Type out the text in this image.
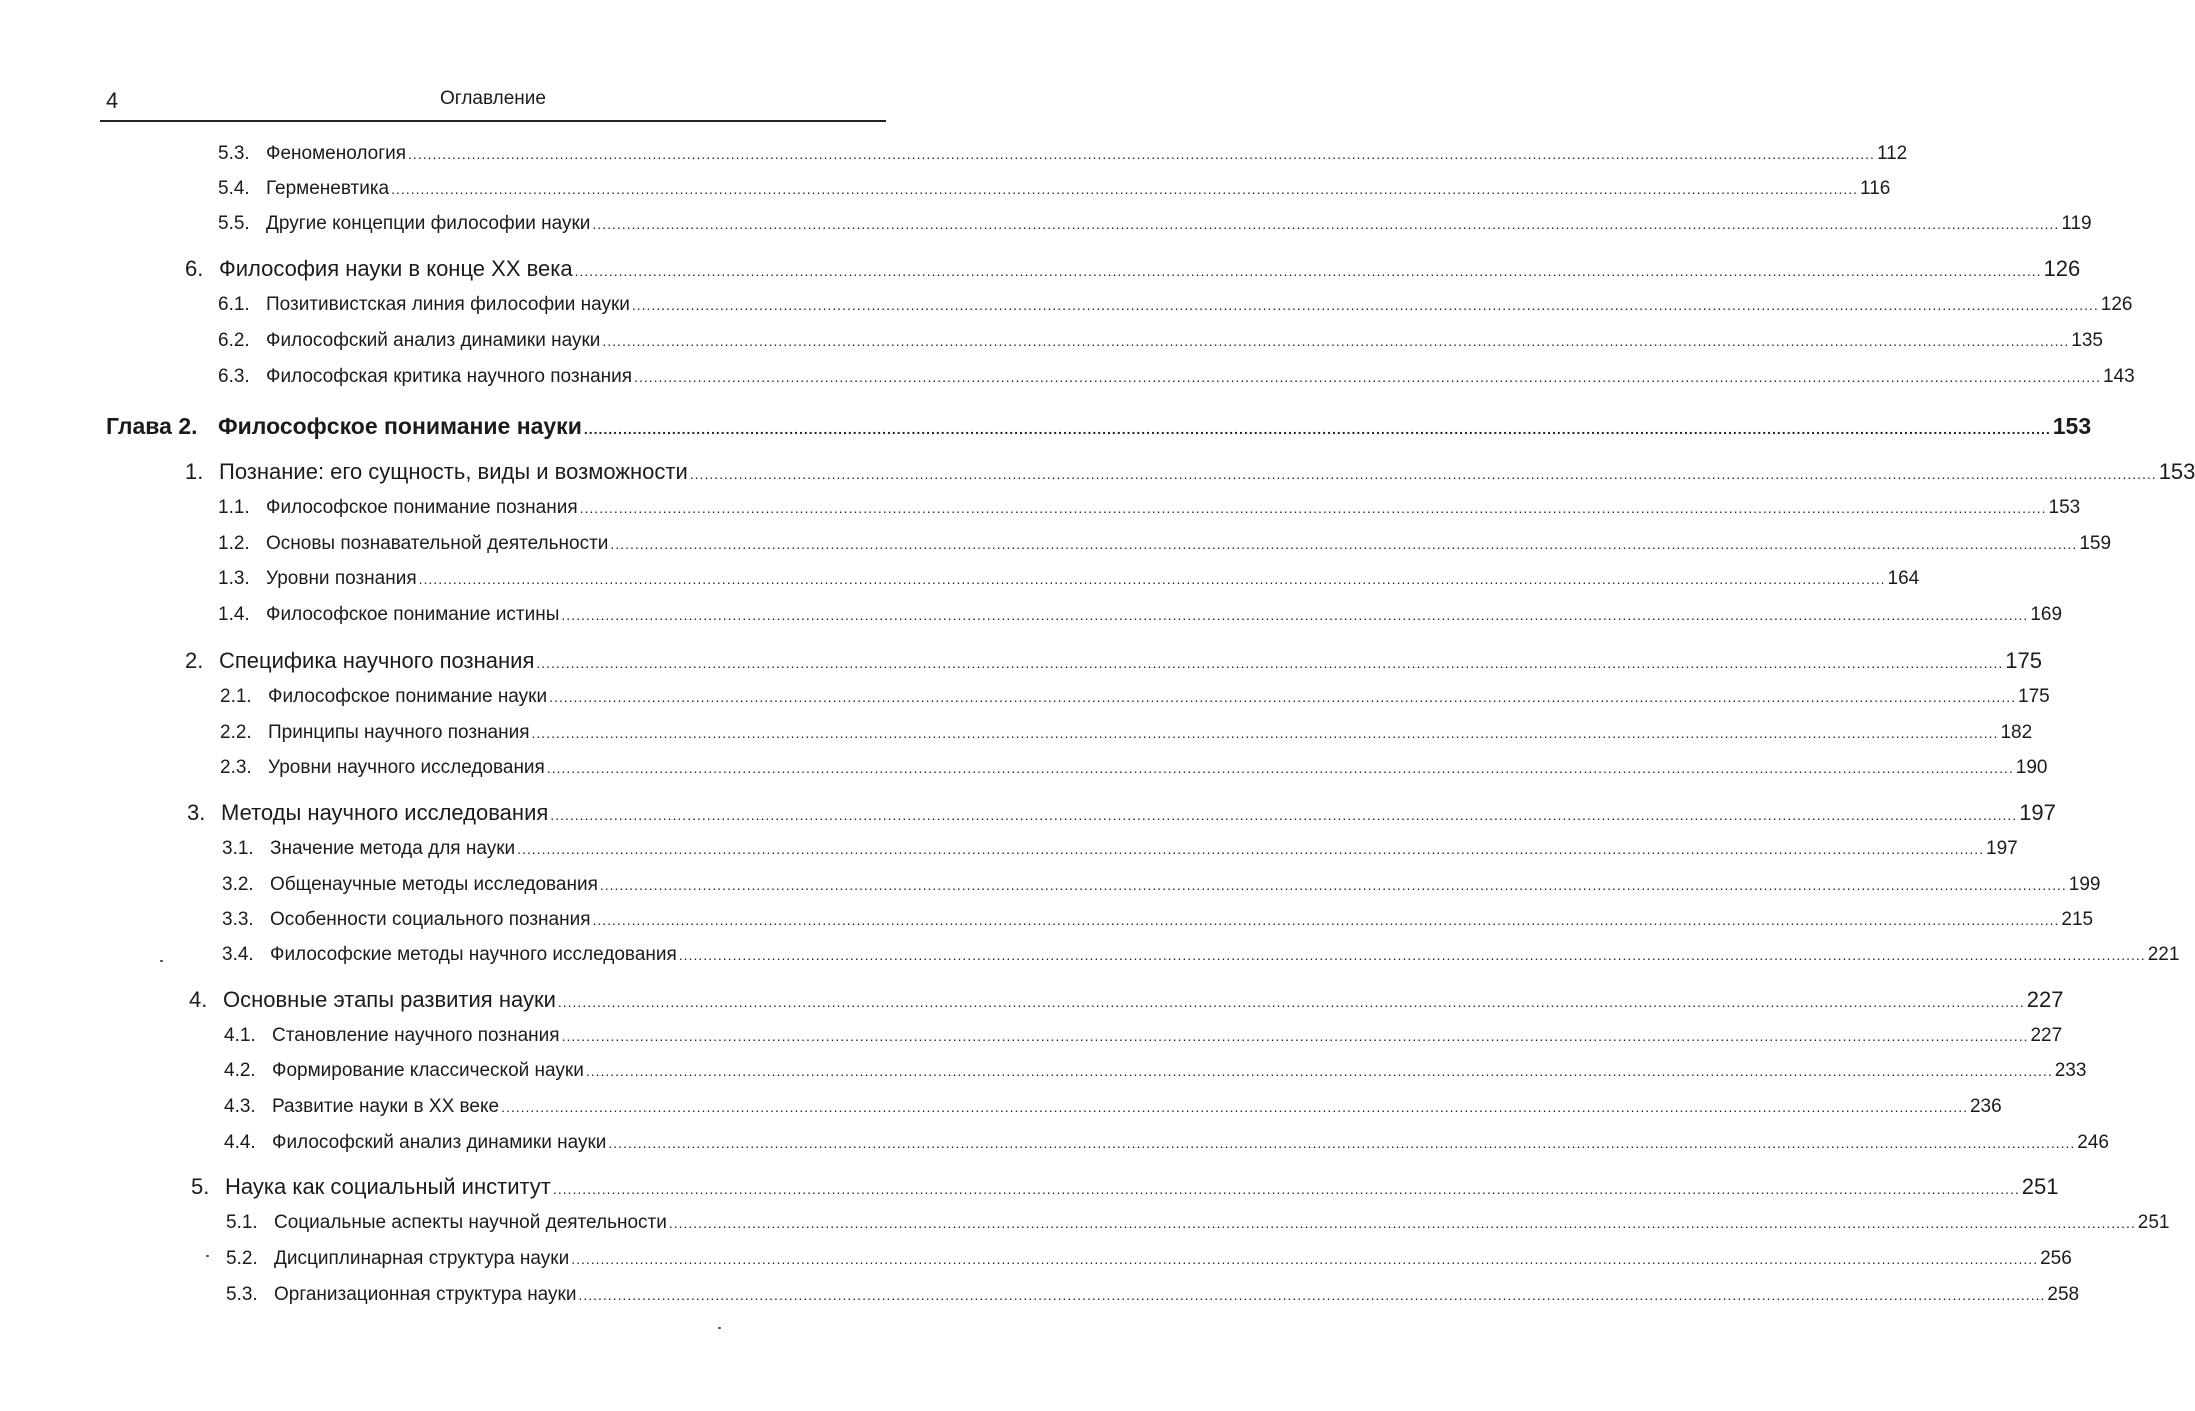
4	Оглавление
5.3. Феноменология ............................................................................................................................................................................................................................................................................................................ 112
5.4. Герменевтика ............................................................................................................................................................................................................................................................................................................ 116
5.5. Другие концепции философии науки ............................................................................................................................................................................................................................................................................................................ 119
6. Философия науки в конце XX века ............................................................................................................................................................................................................................................................................................................ 126
6.1. Позитивистская линия философии науки ............................................................................................................................................................................................................................................................................................................ 126
6.2. Философский анализ динамики науки ............................................................................................................................................................................................................................................................................................................ 135
6.3. Философская критика научного познания ............................................................................................................................................................................................................................................................................................................ 143
Глава 2. Философское понимание науки ............................................................................................................................................................................................................................................................................................................ 153
1. Познание: его сущность, виды и возможности ............................................................................................................................................................................................................................................................................................................ 153
1.1. Философское понимание познания ............................................................................................................................................................................................................................................................................................................ 153
1.2. Основы познавательной деятельности ............................................................................................................................................................................................................................................................................................................ 159
1.3. Уровни познания ............................................................................................................................................................................................................................................................................................................ 164
1.4. Философское понимание истины ............................................................................................................................................................................................................................................................................................................ 169
2. Специфика научного познания ............................................................................................................................................................................................................................................................................................................ 175
2.1. Философское понимание науки ............................................................................................................................................................................................................................................................................................................ 175
2.2. Принципы научного познания ............................................................................................................................................................................................................................................................................................................ 182
2.3. Уровни научного исследования ............................................................................................................................................................................................................................................................................................................ 190
3. Методы научного исследования ............................................................................................................................................................................................................................................................................................................ 197
3.1. Значение метода для науки ............................................................................................................................................................................................................................................................................................................ 197
3.2. Общенаучные методы исследования ............................................................................................................................................................................................................................................................................................................ 199
3.3. Особенности социального познания ............................................................................................................................................................................................................................................................................................................ 215
3.4. Философские методы научного исследования ............................................................................................................................................................................................................................................................................................................ 221
4. Основные этапы развития науки ............................................................................................................................................................................................................................................................................................................ 227
4.1. Становление научного познания ............................................................................................................................................................................................................................................................................................................ 227
4.2. Формирование классической науки ............................................................................................................................................................................................................................................................................................................ 233
4.3. Развитие науки в XX веке ............................................................................................................................................................................................................................................................................................................ 236
4.4. Философский анализ динамики науки ............................................................................................................................................................................................................................................................................................................ 246
5. Наука как социальный институт ............................................................................................................................................................................................................................................................................................................ 251
5.1. Социальные аспекты научной деятельности ............................................................................................................................................................................................................................................................................................................ 251
5.2. Дисциплинарная структура науки ............................................................................................................................................................................................................................................................................................................ 256
5.3. Организационная структура науки ............................................................................................................................................................................................................................................................................................................ 258
